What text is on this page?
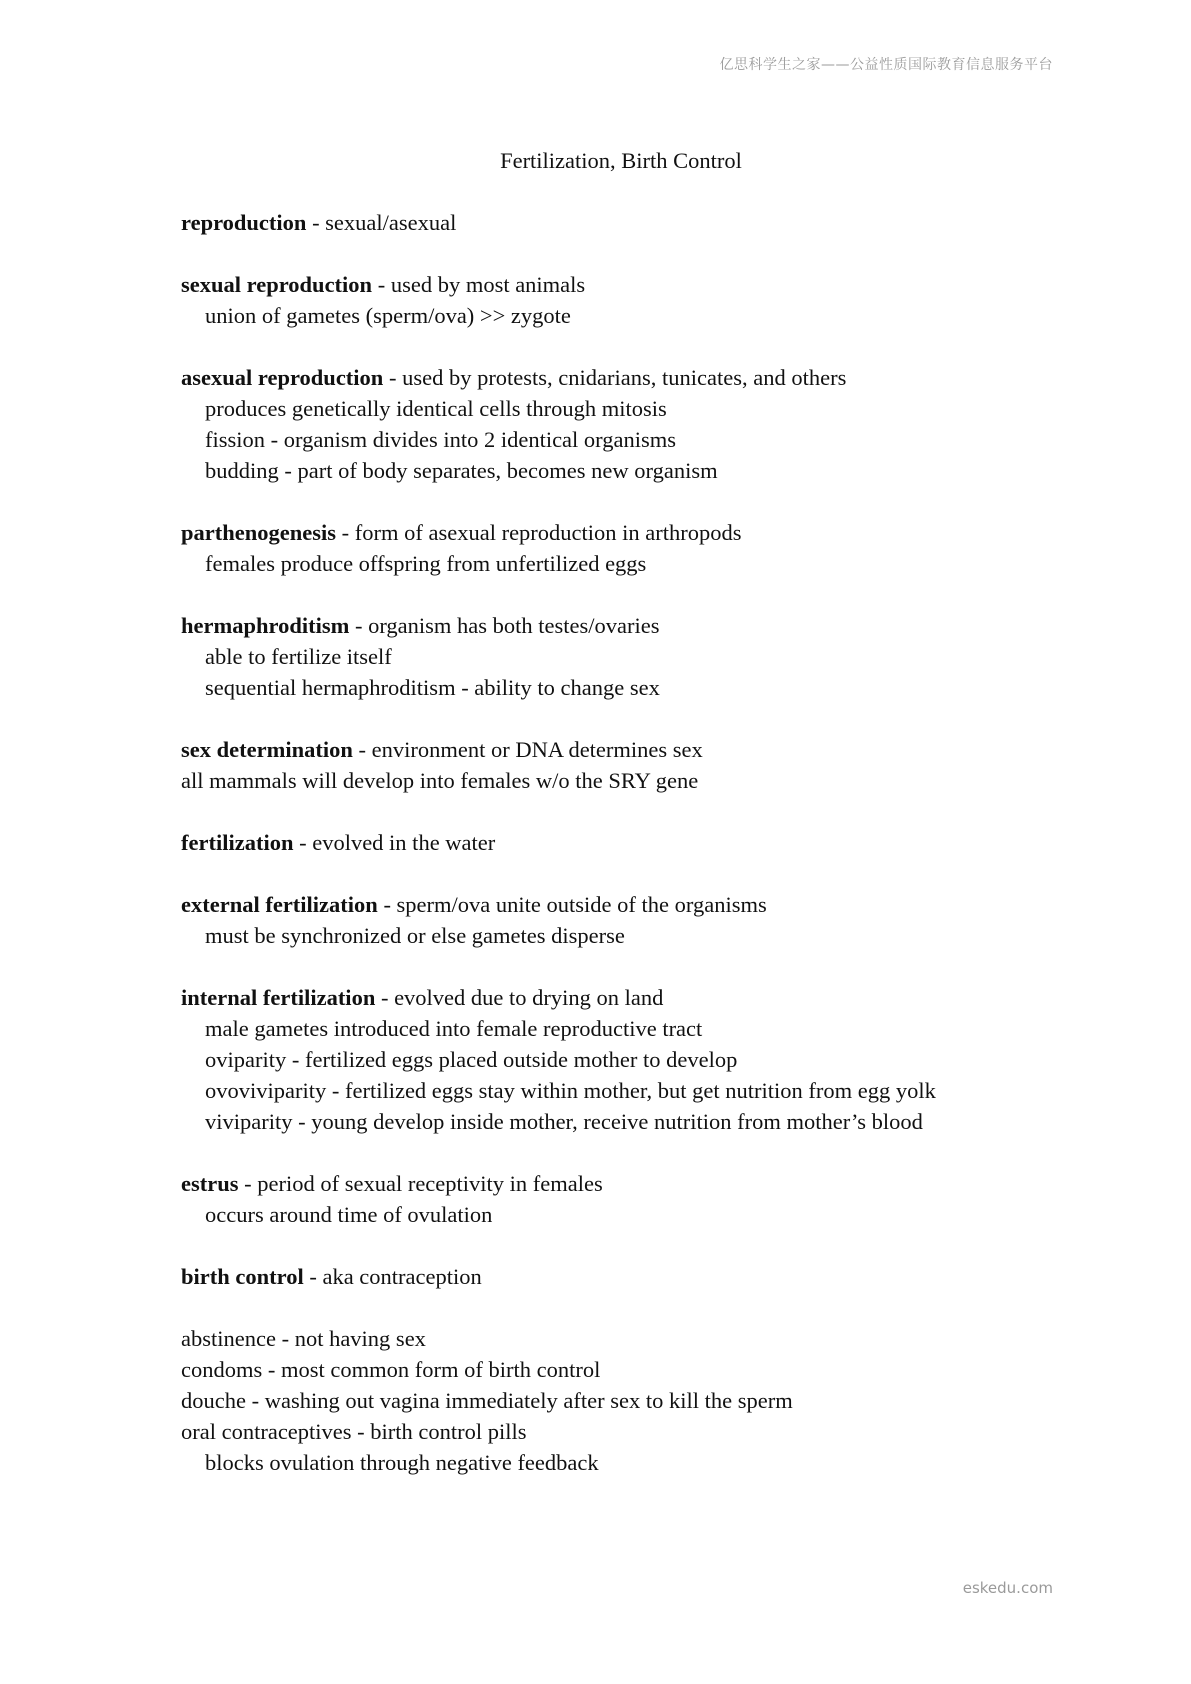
亿思科学生之家——公益性质国际教育信息服务平台
Fertilization, Birth Control
reproduction - sexual/asexual
sexual reproduction - used by most animals
union of gametes (sperm/ova) >> zygote
asexual reproduction - used by protests, cnidarians, tunicates, and others
produces genetically identical cells through mitosis
fission - organism divides into 2 identical organisms
budding - part of body separates, becomes new organism
parthenogenesis - form of asexual reproduction in arthropods
females produce offspring from unfertilized eggs
hermaphroditism - organism has both testes/ovaries
able to fertilize itself
sequential hermaphroditism - ability to change sex
sex determination - environment or DNA determines sex
all mammals will develop into females w/o the SRY gene
fertilization - evolved in the water
external fertilization - sperm/ova unite outside of the organisms
must be synchronized or else gametes disperse
internal fertilization - evolved due to drying on land
male gametes introduced into female reproductive tract
oviparity - fertilized eggs placed outside mother to develop
ovoviviparity - fertilized eggs stay within mother, but get nutrition from egg yolk
viviparity - young develop inside mother, receive nutrition from mother’s blood
estrus - period of sexual receptivity in females
occurs around time of ovulation
birth control - aka contraception
abstinence - not having sex
condoms - most common form of birth control
douche - washing out vagina immediately after sex to kill the sperm
oral contraceptives - birth control pills
blocks ovulation through negative feedback
eskedu.com
